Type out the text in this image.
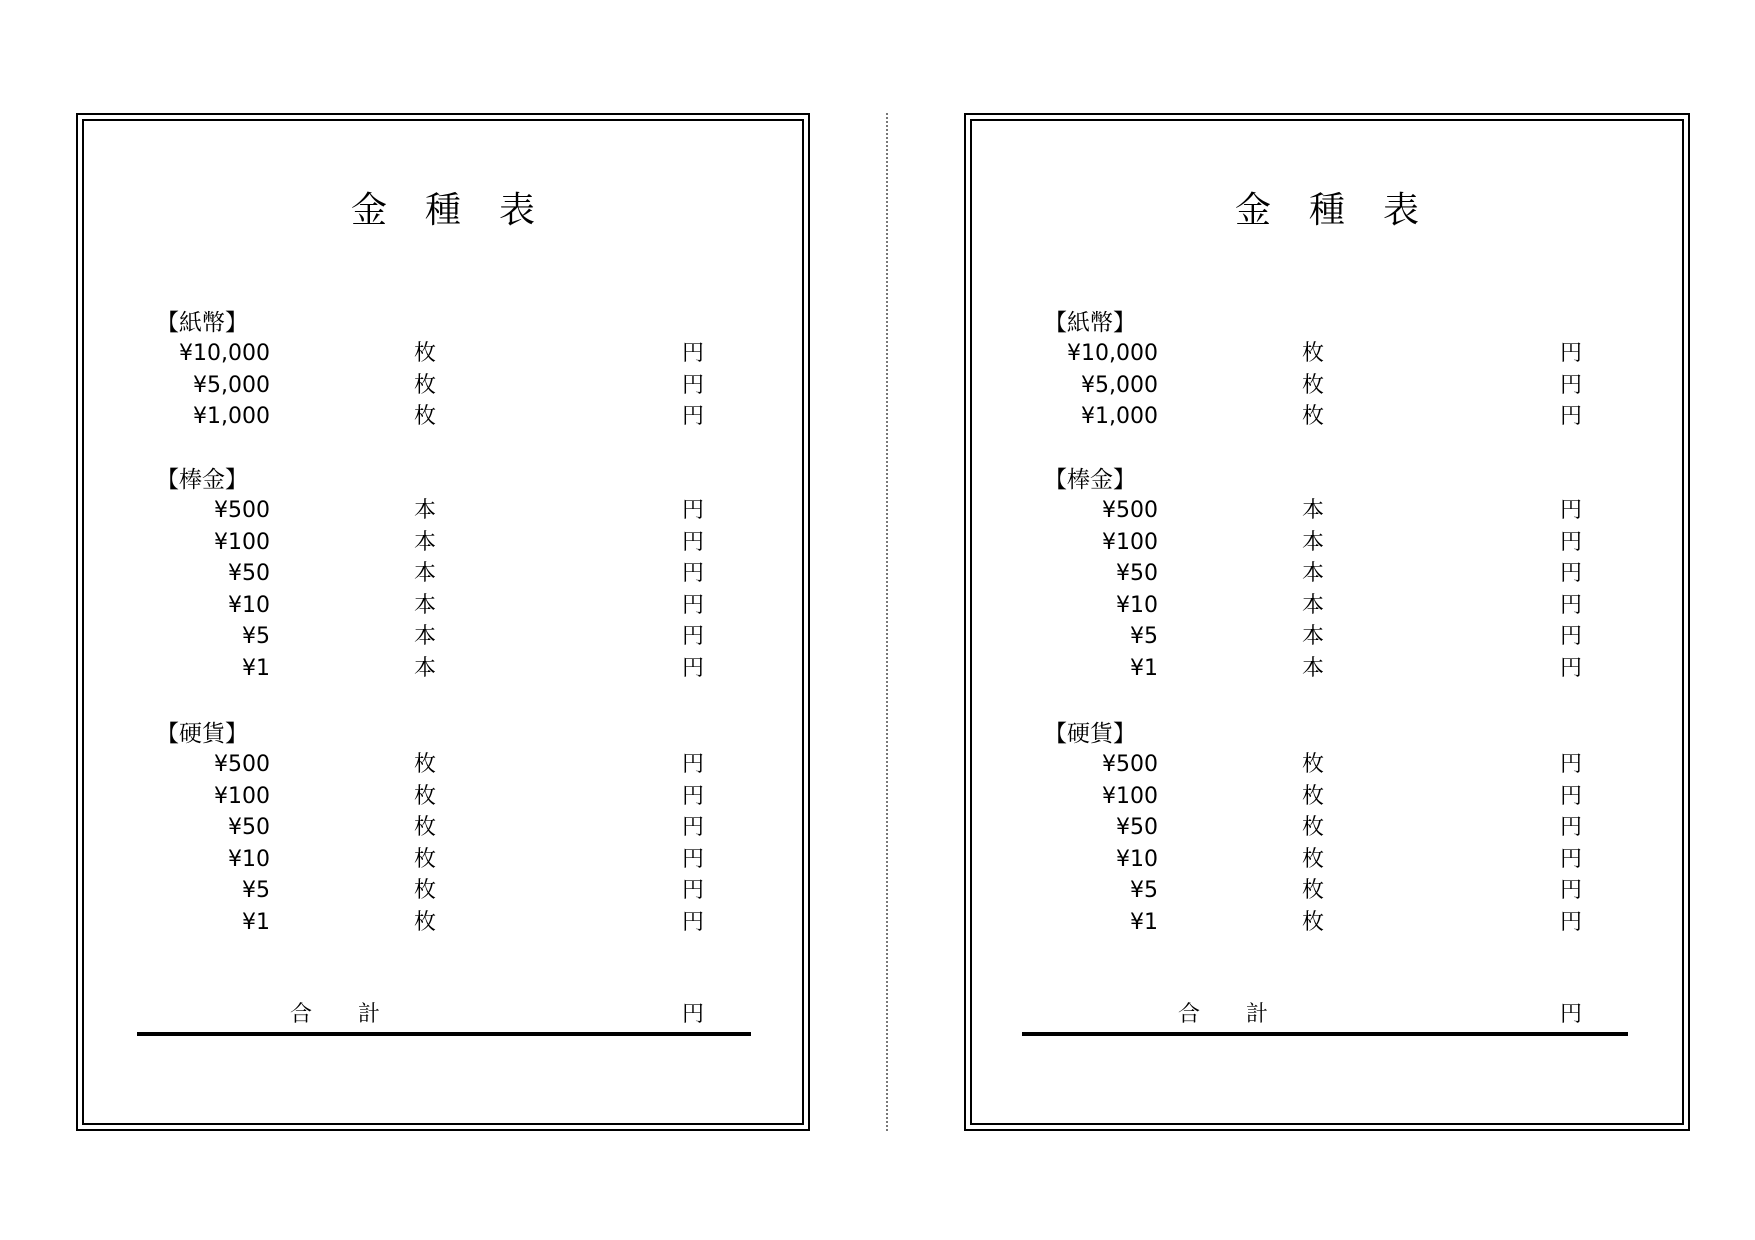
金種表
【紙幣】
¥10,000	枚	円
¥5,000	枚	円
¥1,000	枚	円
【棒金】
¥500	本	円
¥100	本	円
¥50	本	円
¥10	本	円
¥5	本	円
¥1	本	円
【硬貨】
¥500	枚	円
¥100	枚	円
¥50	枚	円
¥10	枚	円
¥5	枚	円
¥1	枚	円
合計	円
金種表
【紙幣】
¥10,000	枚	円
¥5,000	枚	円
¥1,000	枚	円
【棒金】
¥500	本	円
¥100	本	円
¥50	本	円
¥10	本	円
¥5	本	円
¥1	本	円
【硬貨】
¥500	枚	円
¥100	枚	円
¥50	枚	円
¥10	枚	円
¥5	枚	円
¥1	枚	円
合計	円
